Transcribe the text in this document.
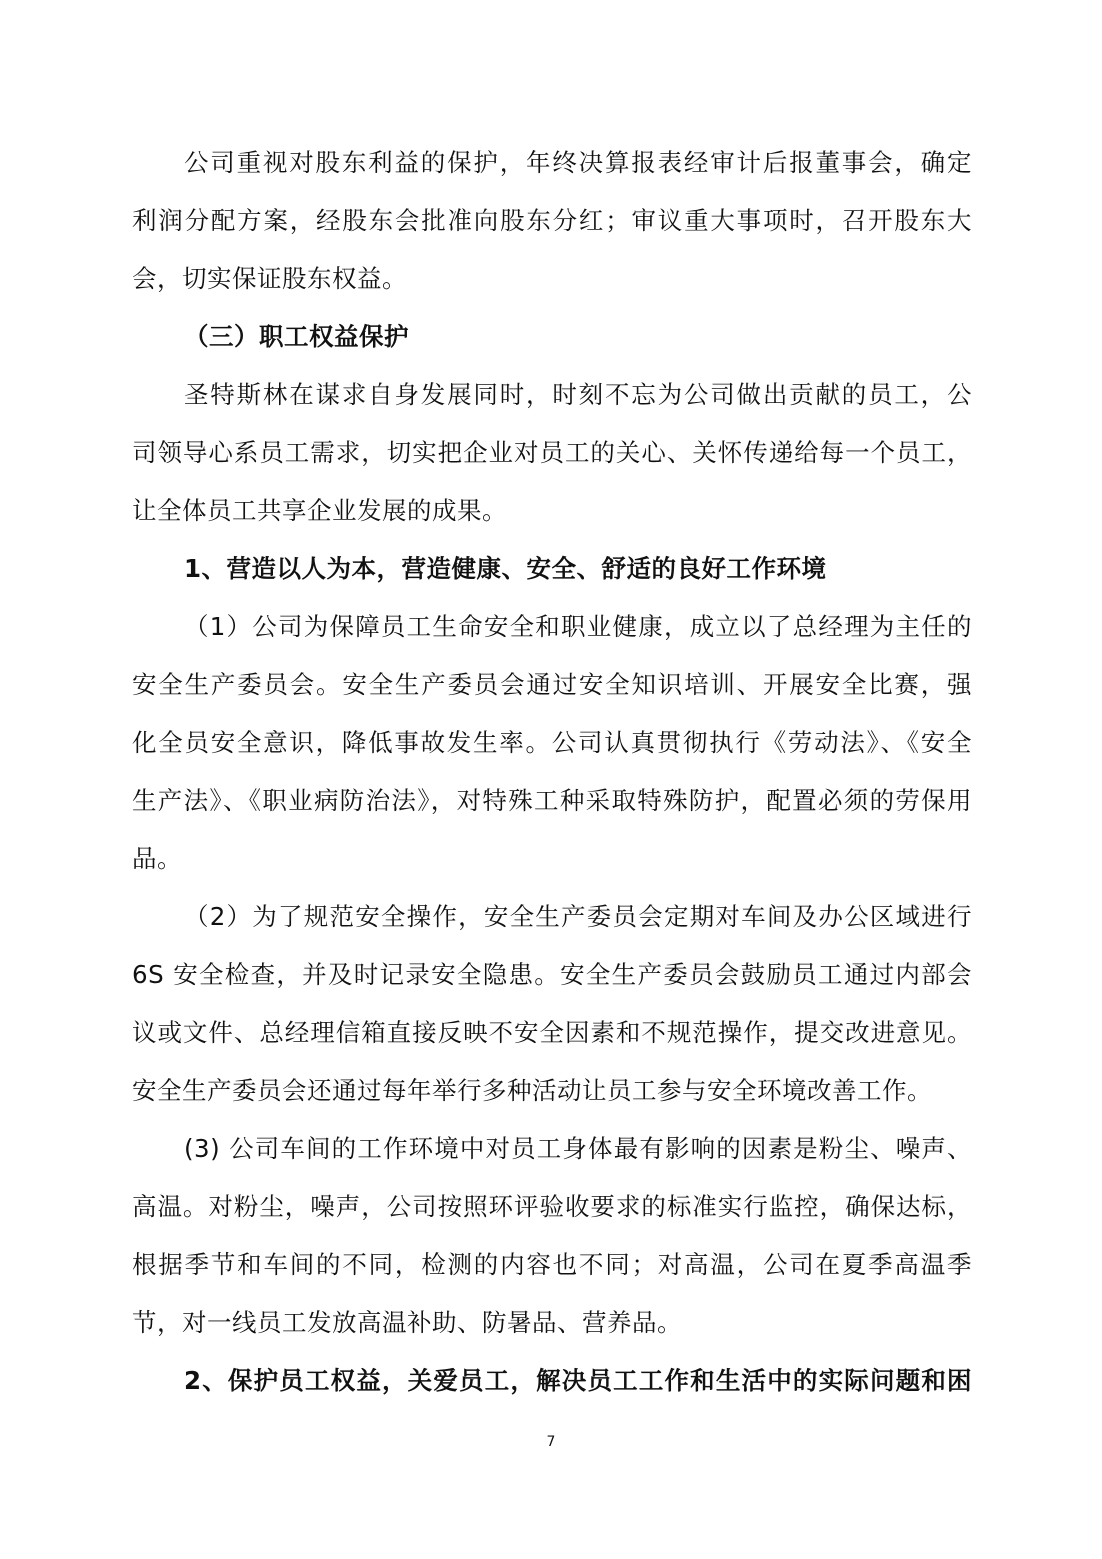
公司重视对股东利益的保护，年终决算报表经审计后报董事会，确定
利润分配方案，经股东会批准向股东分红；审议重大事项时，召开股东大
会，切实保证股东权益。
（三）职工权益保护
圣特斯林在谋求自身发展同时，时刻不忘为公司做出贡献的员工，公
司领导心系员工需求，切实把企业对员工的关心、关怀传递给每一个员工，
让全体员工共享企业发展的成果。
1、营造以人为本，营造健康、安全、舒适的良好工作环境
（1）公司为保障员工生命安全和职业健康，成立以了总经理为主任的
安全生产委员会。安全生产委员会通过安全知识培训、开展安全比赛，强
化全员安全意识，降低事故发生率。公司认真贯彻执行《劳动法》、《安全
生产法》、《职业病防治法》，对特殊工种采取特殊防护，配置必须的劳保用
品。
（2）为了规范安全操作，安全生产委员会定期对车间及办公区域进行
6S 安全检查，并及时记录安全隐患。安全生产委员会鼓励员工通过内部会
议或文件、总经理信箱直接反映不安全因素和不规范操作，提交改进意见。
安全生产委员会还通过每年举行多种活动让员工参与安全环境改善工作。
(3) 公司车间的工作环境中对员工身体最有影响的因素是粉尘、噪声、
高温。对粉尘，噪声，公司按照环评验收要求的标准实行监控，确保达标，
根据季节和车间的不同，检测的内容也不同；对高温，公司在夏季高温季
节，对一线员工发放高温补助、防暑品、营养品。
2、保护员工权益，关爱员工，解决员工工作和生活中的实际问题和困
7
